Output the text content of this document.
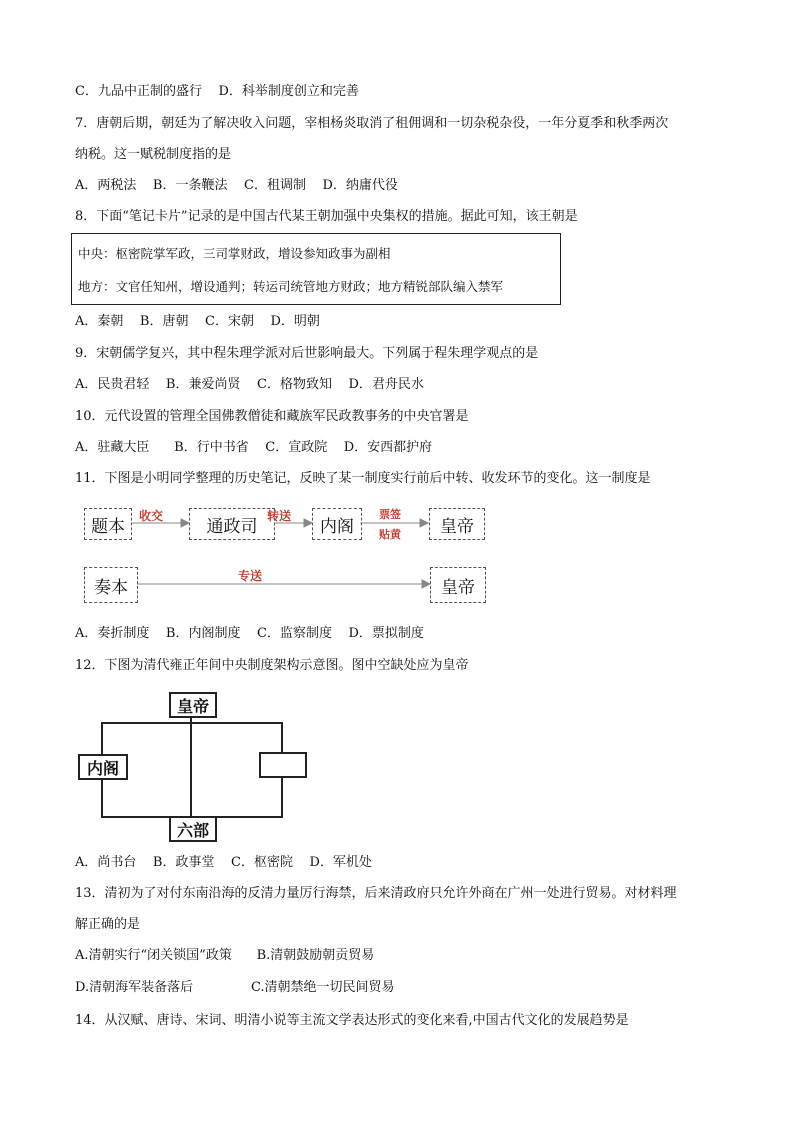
C．九品中正制的盛行    D．科举制度创立和完善
7．唐朝后期，朝廷为了解决收入问题，宰相杨炎取消了租佣调和一切杂税杂役，一年分夏季和秋季两次
纳税。这一赋税制度指的是
A．两税法    B．一条鞭法    C．租调制    D．纳庸代役
8．下面“笔记卡片”记录的是中国古代某王朝加强中央集权的措施。据此可知，该王朝是
中央：枢密院掌军政，三司掌财政，增设参知政事为副相
地方：文官任知州，增设通判；转运司统管地方财政；地方精锐部队编入禁军
A．秦朝    B．唐朝    C．宋朝    D．明朝
9．宋朝儒学复兴，其中程朱理学派对后世影响最大。下列属于程朱理学观点的是
A．民贵君轻    B．兼爱尚贤    C．格物致知    D．君舟民水
10．元代设置的管理全国佛教僧徒和藏族军民政教事务的中央官署是
A．驻藏大臣      B．行中书省    C．宣政院    D．安西都护府
11．下图是小明同学整理的历史笔记，反映了某一制度实行前后中转、收发环节的变化。这一制度是
题本	通政司	内阁	皇帝
奏本	皇帝
收交	转送	票签
贴黄
专送
A．奏折制度    B．内阁制度    C．监察制度    D．票拟制度
12．下图为清代雍正年间中央制度架构示意图。图中空缺处应为皇帝
皇帝
内阁
六部
A．尚书台    B．政事堂    C．枢密院    D．军机处
13．清初为了对付东南沿海的反清力量厉行海禁，后来清政府只允许外商在广州一处进行贸易。对材料理
解正确的是
A.清朝实行“闭关锁国”政策      B.清朝鼓励朝贡贸易
D.清朝海军装备落后              C.清朝禁绝一切民间贸易
14．从汉赋、唐诗、宋词、明清小说等主流文学表达形式的变化来看,中国古代文化的发展趋势是
